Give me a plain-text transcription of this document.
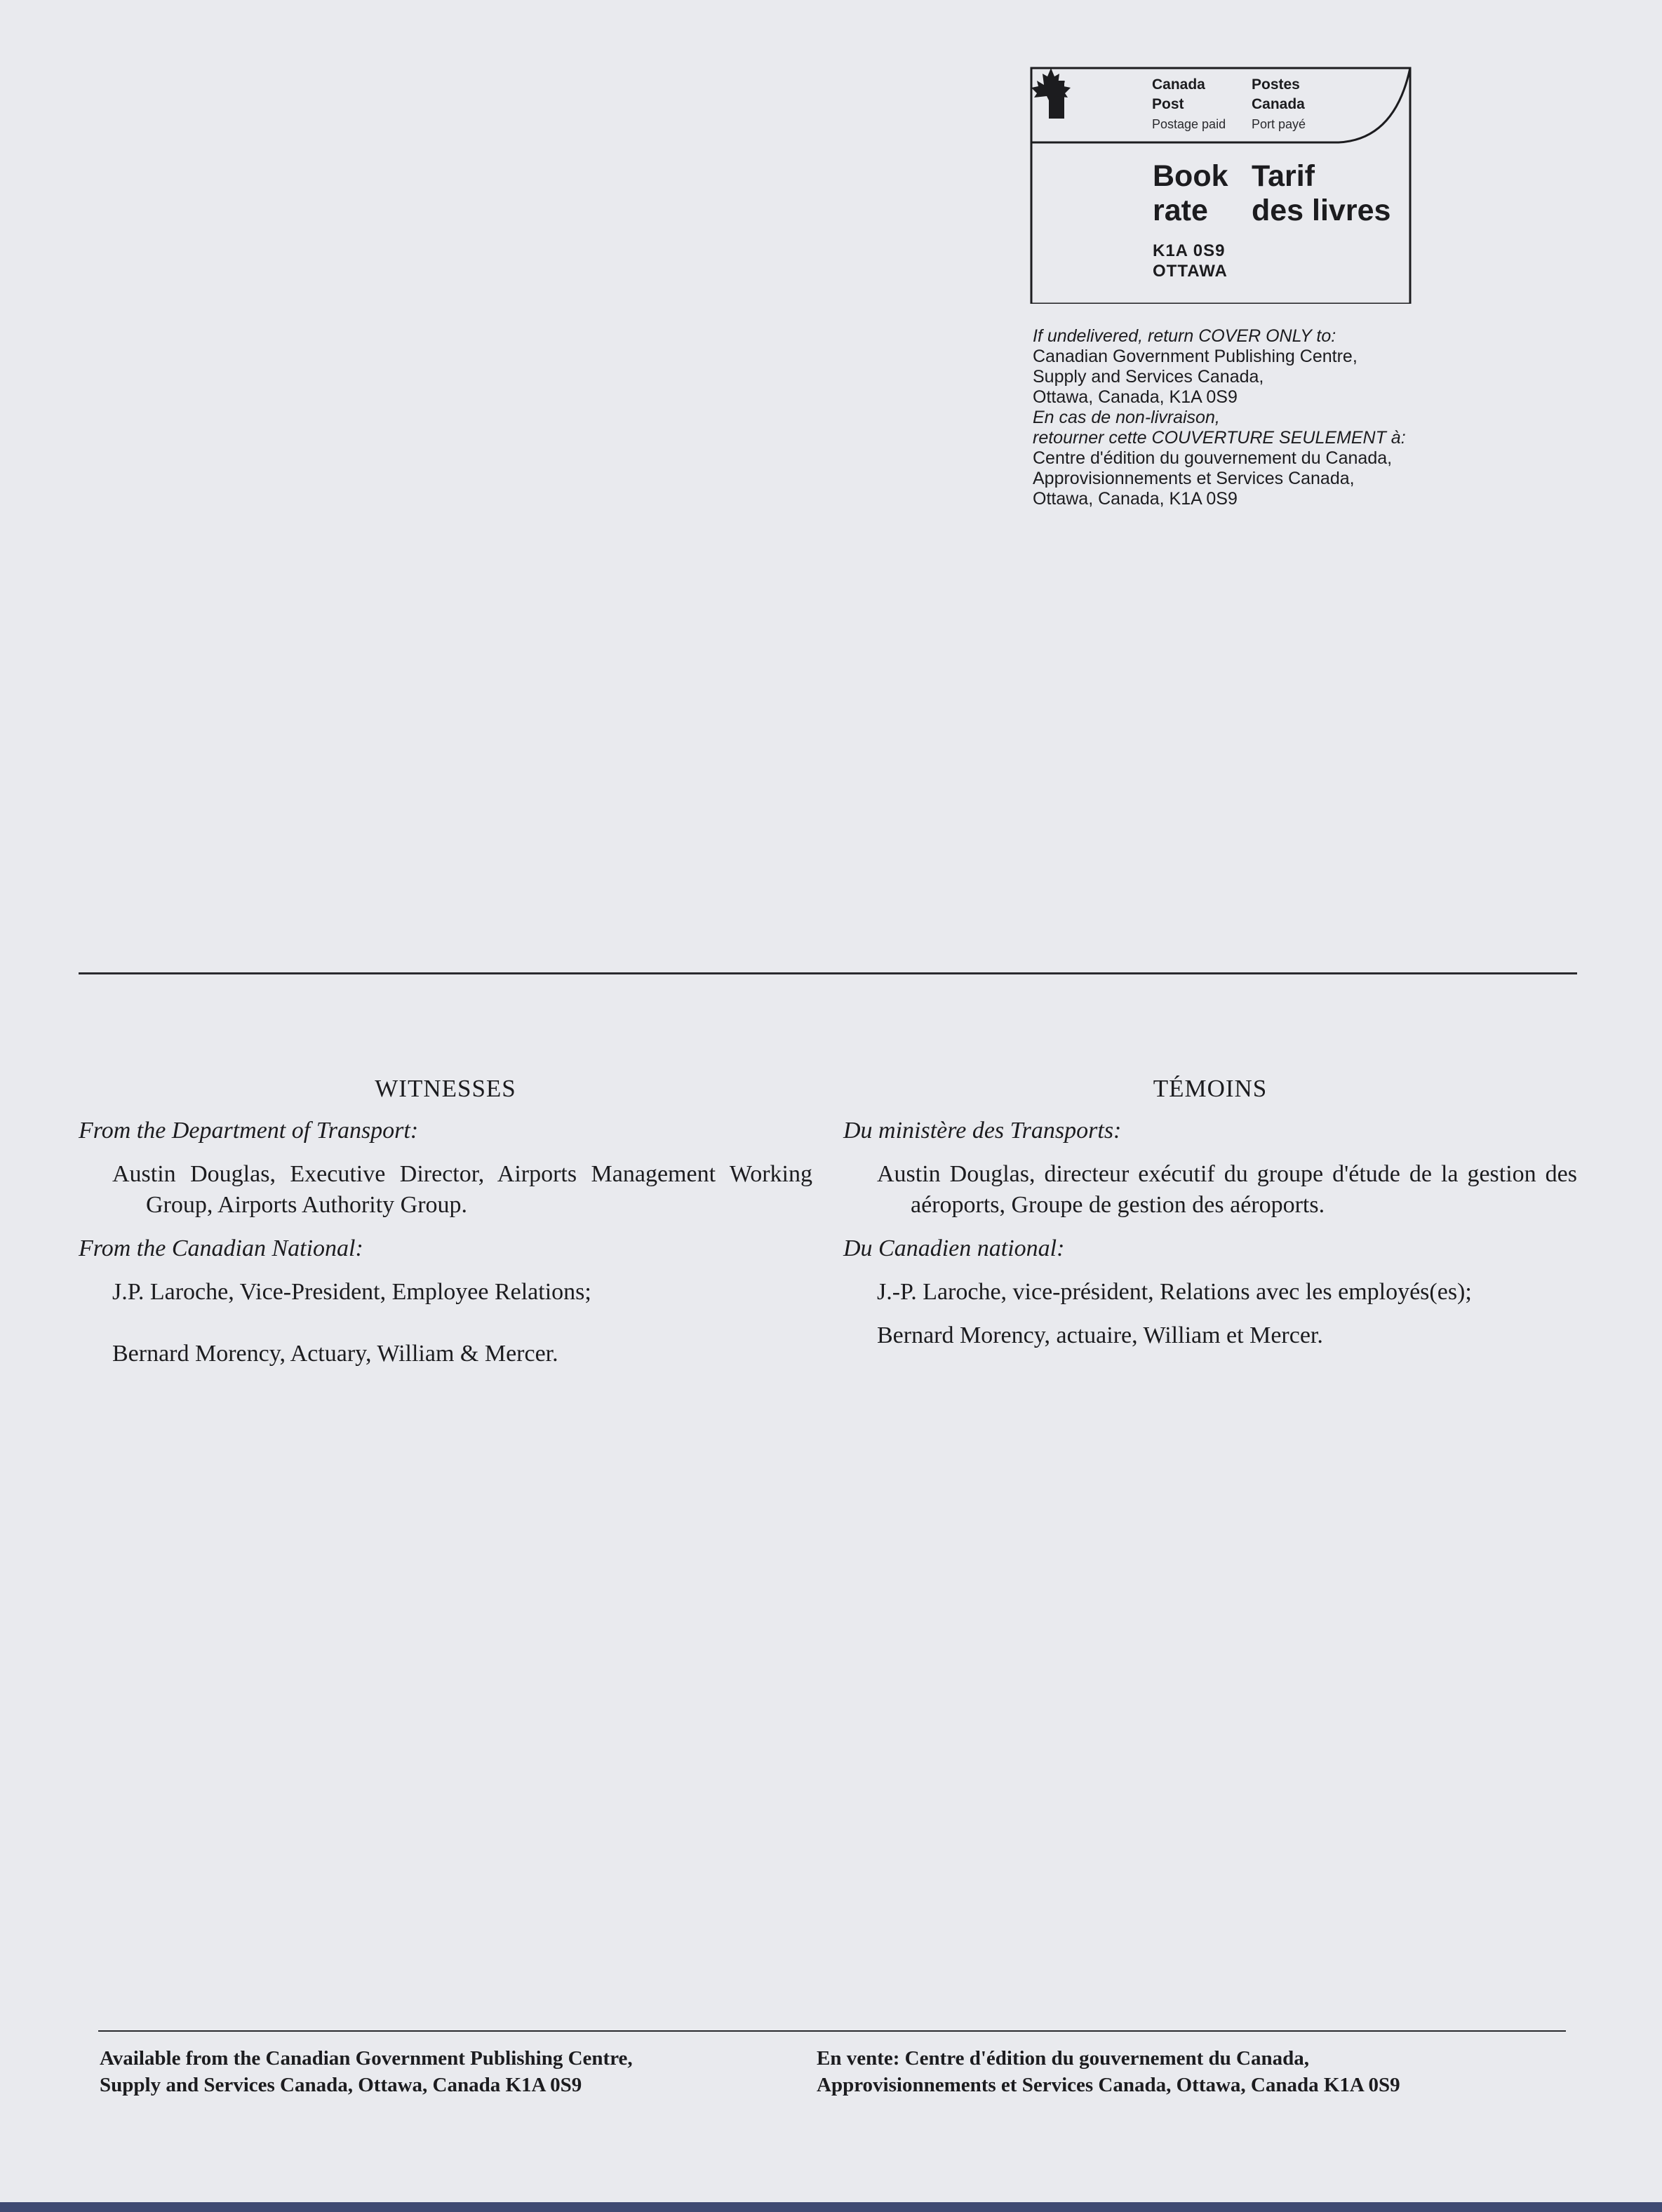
Canada
Post
Postage paid
Postes
Canada
Port payé
Book
rate
Tarif
des livres
K1A 0S9
OTTAWA
If undelivered, return COVER ONLY to:
Canadian Government Publishing Centre,
Supply and Services Canada,
Ottawa, Canada, K1A 0S9
En cas de non-livraison,
retourner cette COUVERTURE SEULEMENT à:
Centre d'édition du gouvernement du Canada,
Approvisionnements et Services Canada,
Ottawa, Canada, K1A 0S9
WITNESSES
From the Department of Transport:
Austin Douglas, Executive Director, Airports Management Working Group, Airports Authority Group.
From the Canadian National:
J.P. Laroche, Vice-President, Employee Relations;
Bernard Morency, Actuary, William & Mercer.
TÉMOINS
Du ministère des Transports:
Austin Douglas, directeur exécutif du groupe d'étude de la gestion des aéroports, Groupe de gestion des aéroports.
Du Canadien national:
J.-P. Laroche, vice-président, Relations avec les employés(es);
Bernard Morency, actuaire, William et Mercer.
Available from the Canadian Government Publishing Centre,
Supply and Services Canada, Ottawa, Canada K1A 0S9
En vente: Centre d'édition du gouvernement du Canada,
Approvisionnements et Services Canada, Ottawa, Canada K1A 0S9
